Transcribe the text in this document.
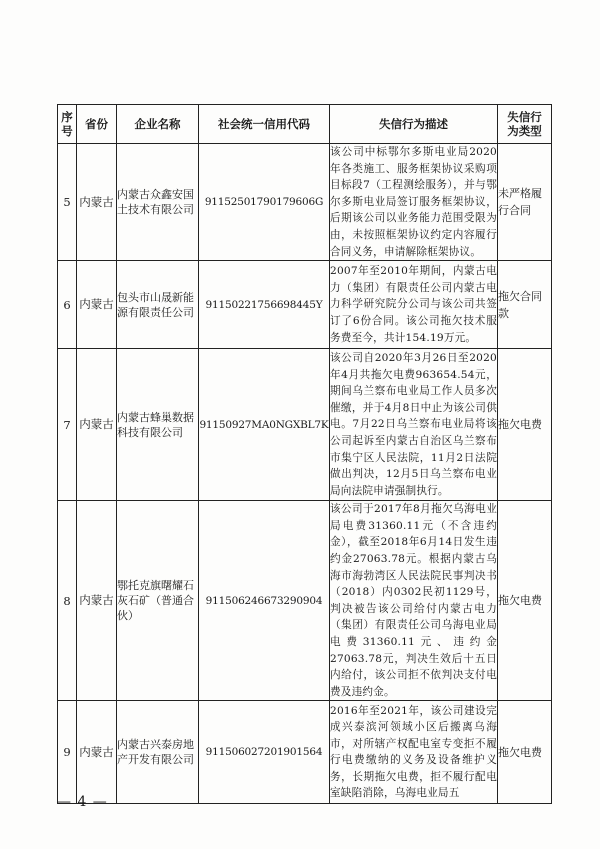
序号	省份	企业名称	社会统一信用代码	失信行为描述	失信行为类型
5	内蒙古	内蒙古众鑫安国土技术有限公司	91152501790179606G	该公司中标鄂尔多斯电业局2020年各类施工、服务框架协议采购项目标段7（工程测绘服务），并与鄂尔多斯电业局签订服务框架协议，后期该公司以业务能力范围受限为由，未按照框架协议约定内容履行合同义务，申请解除框架协议。	未严格履行合同
6	内蒙古	包头市山晟新能源有限责任公司	91150221756698445Y	2007年至2010年期间，内蒙古电力（集团）有限责任公司内蒙古电力科学研究院分公司与该公司共签订了6份合同。该公司拖欠技术服务费至今，共计154.19万元。	拖欠合同款
7	内蒙古	内蒙古蜂巢数据科技有限公司	91150927MA0NGXBL7K	该公司自2020年3月26日至2020年4月共拖欠电费963654.54元，期间乌兰察布电业局工作人员多次催缴，并于4月8日中止为该公司供电。7月22日乌兰察布电业局将该公司起诉至内蒙古自治区乌兰察布市集宁区人民法院，11月2日法院做出判决，12月5日乌兰察布电业局向法院申请强制执行。	拖欠电费
8	内蒙古	鄂托克旗曙耀石灰石矿（普通合伙）	91150624667329090​4	该公司于2017年8月拖欠乌海电业局电费31360.11元（不含违约金），截至2018年6月14日发生违约金27063.78元。根据内蒙古乌海市海勃湾区人民法院民事判决书（2018）内0302民初1129号，判决被告该公司给付内蒙古电力（集团）有限责任公司乌海电业局电费31360.11元、违约金27063.78元，判决生效后十五日内给付，该公司拒不依判决支付电费及违约金。	拖欠电费
9	内蒙古	内蒙古兴泰房地产开发有限公司	911506027201901564	2016年至2021年，该公司建设完成兴泰滨河领域小区后搬离乌海市，对所辖产权配电室专变拒不履行电费缴纳的义务及设备维护义务，长期拖欠电费，拒不履行配电室缺陷消除，乌海电业局五	拖欠电费
— 4 —
